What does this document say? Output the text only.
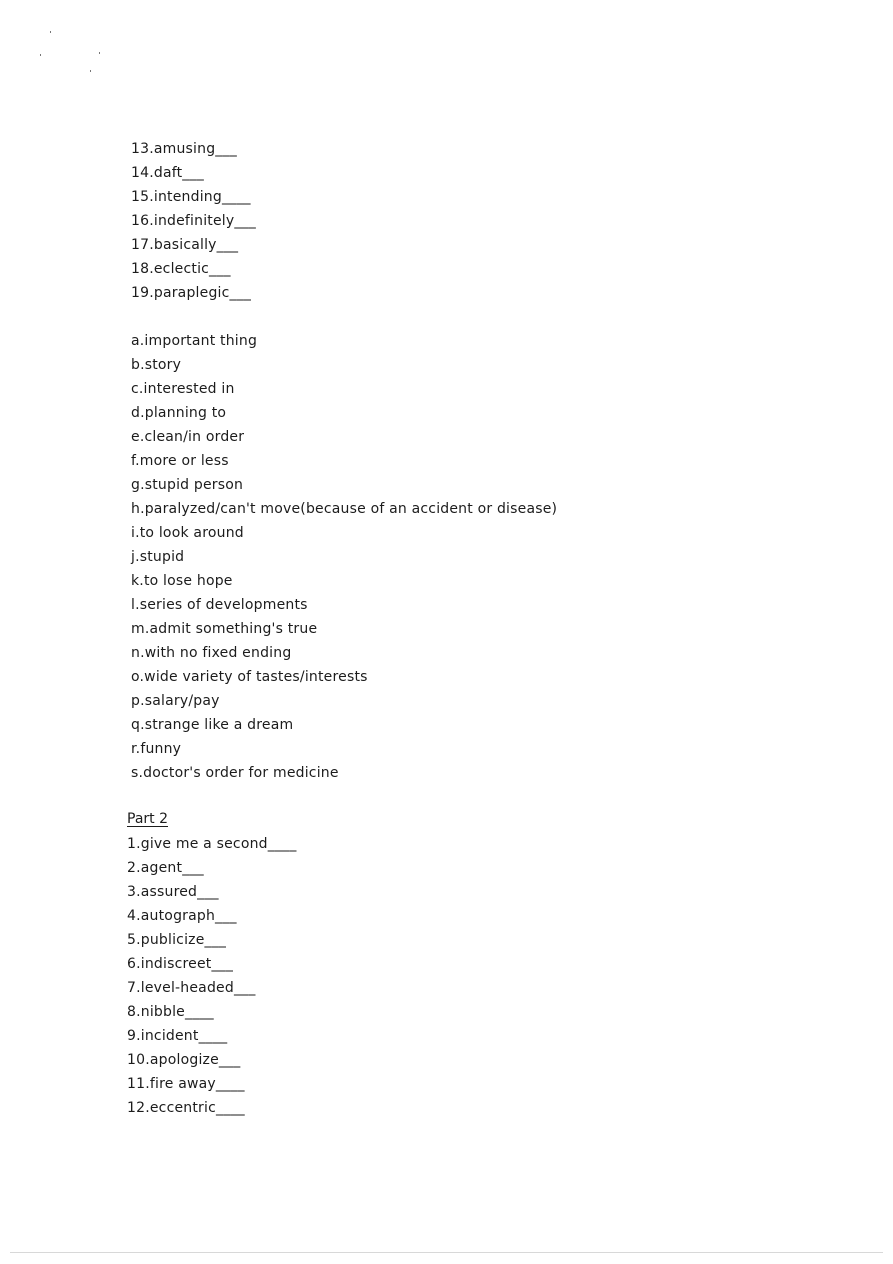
13.amusing___
14.daft___
15.intending____
16.indefinitely___
17.basically___
18.eclectic___
19.paraplegic___
a.important thing
b.story
c.interested in
d.planning to
e.clean/in order
f.more or less
g.stupid person
h.paralyzed/can't move(because of an accident or disease)
i.to look around
j.stupid
k.to lose hope
l.series of developments
m.admit something's true
n.with no fixed ending
o.wide variety of tastes/interests
p.salary/pay
q.strange like a dream
r.funny
s.doctor's order for medicine
Part 2
1.give me a second____
2.agent___
3.assured___
4.autograph___
5.publicize___
6.indiscreet___
7.level-headed___
8.nibble____
9.incident____
10.apologize___
11.fire away____
12.eccentric____
